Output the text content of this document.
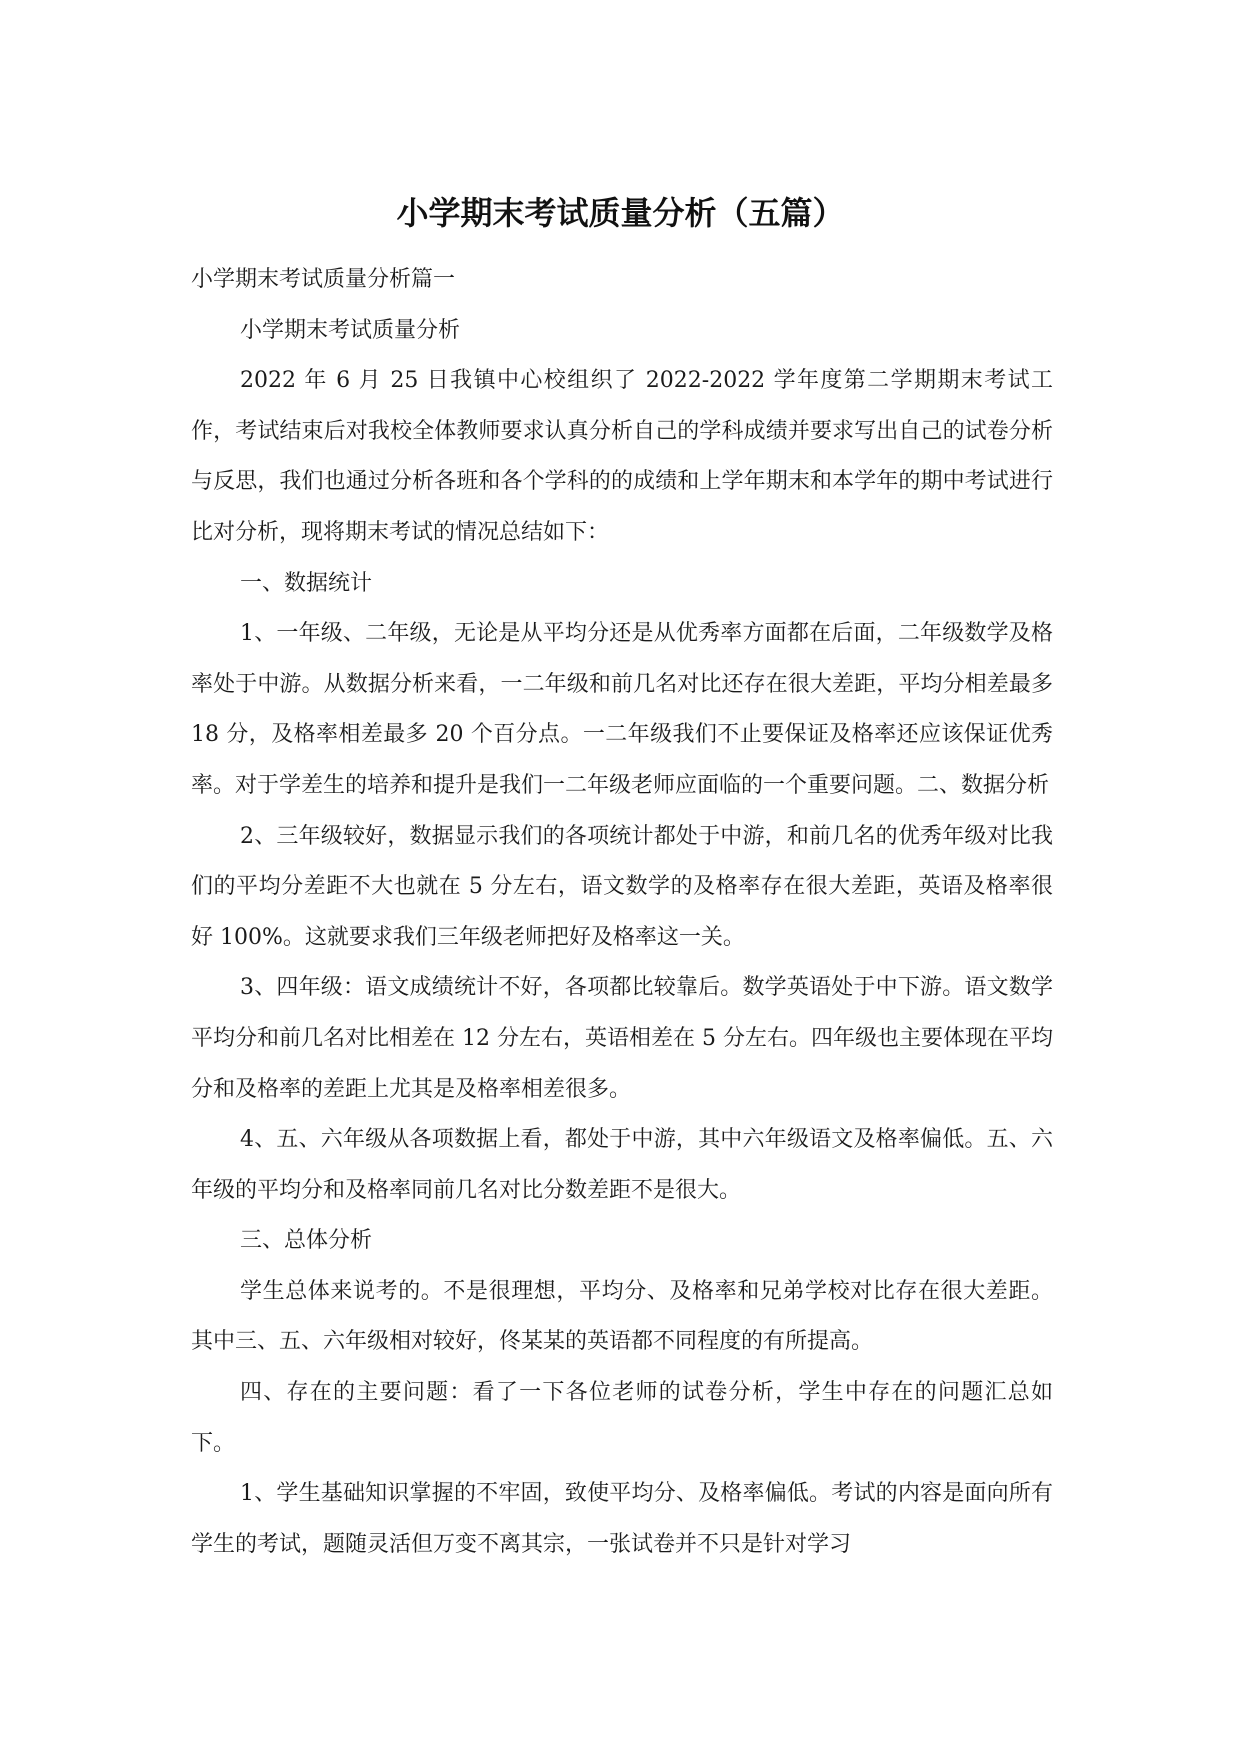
小学期末考试质量分析（五篇）

小学期末考试质量分析篇一

小学期末考试质量分析

2022 年 6 月 25 日我镇中心校组织了 2022-2022 学年度第二学期期末考试工作，考试结束后对我校全体教师要求认真分析自己的学科成绩并要求写出自己的试卷分析与反思，我们也通过分析各班和各个学科的的成绩和上学年期末和本学年的期中考试进行比对分析，现将期末考试的情况总结如下：

一、数据统计

1、一年级、二年级，无论是从平均分还是从优秀率方面都在后面，二年级数学及格率处于中游。从数据分析来看，一二年级和前几名对比还存在很大差距，平均分相差最多 18 分，及格率相差最多 20 个百分点。一二年级我们不止要保证及格率还应该保证优秀率。对于学差生的培养和提升是我们一二年级老师应面临的一个重要问题。二、数据分析

2、三年级较好，数据显示我们的各项统计都处于中游，和前几名的优秀年级对比我们的平均分差距不大也就在 5 分左右，语文数学的及格率存在很大差距，英语及格率很好 100%。这就要求我们三年级老师把好及格率这一关。

3、四年级：语文成绩统计不好，各项都比较靠后。数学英语处于中下游。语文数学平均分和前几名对比相差在 12 分左右，英语相差在 5 分左右。四年级也主要体现在平均分和及格率的差距上尤其是及格率相差很多。

4、五、六年级从各项数据上看，都处于中游，其中六年级语文及格率偏低。五、六年级的平均分和及格率同前几名对比分数差距不是很大。

三、总体分析

学生总体来说考的。不是很理想，平均分、及格率和兄弟学校对比存在很大差距。其中三、五、六年级相对较好，佟某某的英语都不同程度的有所提高。

四、存在的主要问题：看了一下各位老师的试卷分析，学生中存在的问题汇总如下。

1、学生基础知识掌握的不牢固，致使平均分、及格率偏低。考试的内容是面向所有学生的考试，题随灵活但万变不离其宗，一张试卷并不只是针对学习
